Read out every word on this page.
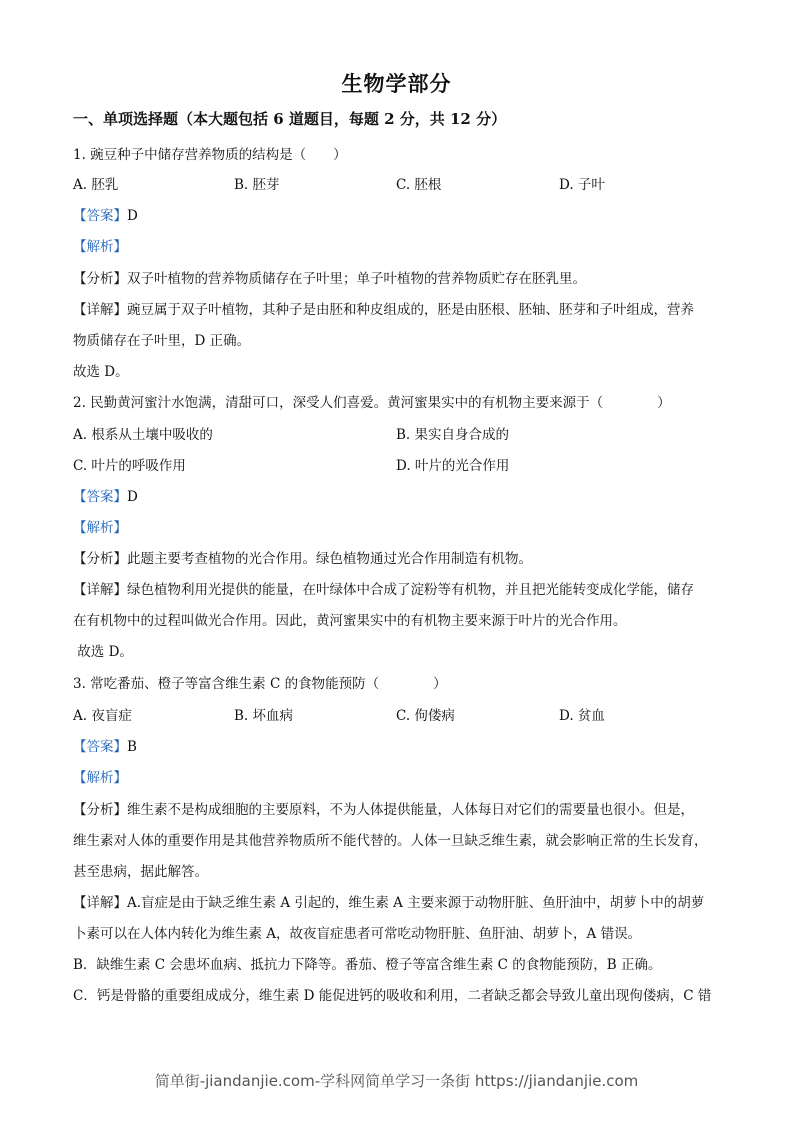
生物学部分
一、单项选择题（本大题包括 6 道题目，每题 2 分，共 12 分）
1. 豌豆种子中储存营养物质的结构是（　　）
A. 胚乳	B. 胚芽	C. 胚根	D. 子叶
【答案】D
【解析】
【分析】双子叶植物的营养物质储存在子叶里；单子叶植物的营养物质贮存在胚乳里。
【详解】豌豆属于双子叶植物，其种子是由胚和种皮组成的，胚是由胚根、胚轴、胚芽和子叶组成，营养
物质储存在子叶里，D 正确。
故选 D。
2. 民勤黄河蜜汁水饱满，清甜可口，深受人们喜爱。黄河蜜果实中的有机物主要来源于（　　　　）
A. 根系从土壤中吸收的	B. 果实自身合成的
C. 叶片的呼吸作用	D. 叶片的光合作用
【答案】D
【解析】
【分析】此题主要考查植物的光合作用。绿色植物通过光合作用制造有机物。
【详解】绿色植物利用光提供的能量，在叶绿体中合成了淀粉等有机物，并且把光能转变成化学能，储存
在有机物中的过程叫做光合作用。因此，黄河蜜果实中的有机物主要来源于叶片的光合作用。
故选 D。
3. 常吃番茄、橙子等富含维生素 C 的食物能预防（　　　　）
A. 夜盲症	B. 坏血病	C. 佝偻病	D. 贫血
【答案】B
【解析】
【分析】维生素不是构成细胞的主要原料，不为人体提供能量，人体每日对它们的需要量也很小。但是，
维生素对人体的重要作用是其他营养物质所不能代替的。人体一旦缺乏维生素，就会影响正常的生长发育，
甚至患病，据此解答。
【详解】A.盲症是由于缺乏维生素 A 引起的，维生素 A 主要来源于动物肝脏、鱼肝油中，胡萝卜中的胡萝
卜素可以在人体内转化为维生素 A，故夜盲症患者可常吃动物肝脏、鱼肝油、胡萝卜，A 错误。
B．缺维生素 C 会患坏血病、抵抗力下降等。番茄、橙子等富含维生素 C 的食物能预防，B 正确。
C．钙是骨骼的重要组成成分，维生素 D 能促进钙的吸收和利用，二者缺乏都会导致儿童出现佝偻病，C 错
简单街-jiandanjie.com-学科网简单学习一条街 https://jiandanjie.com
